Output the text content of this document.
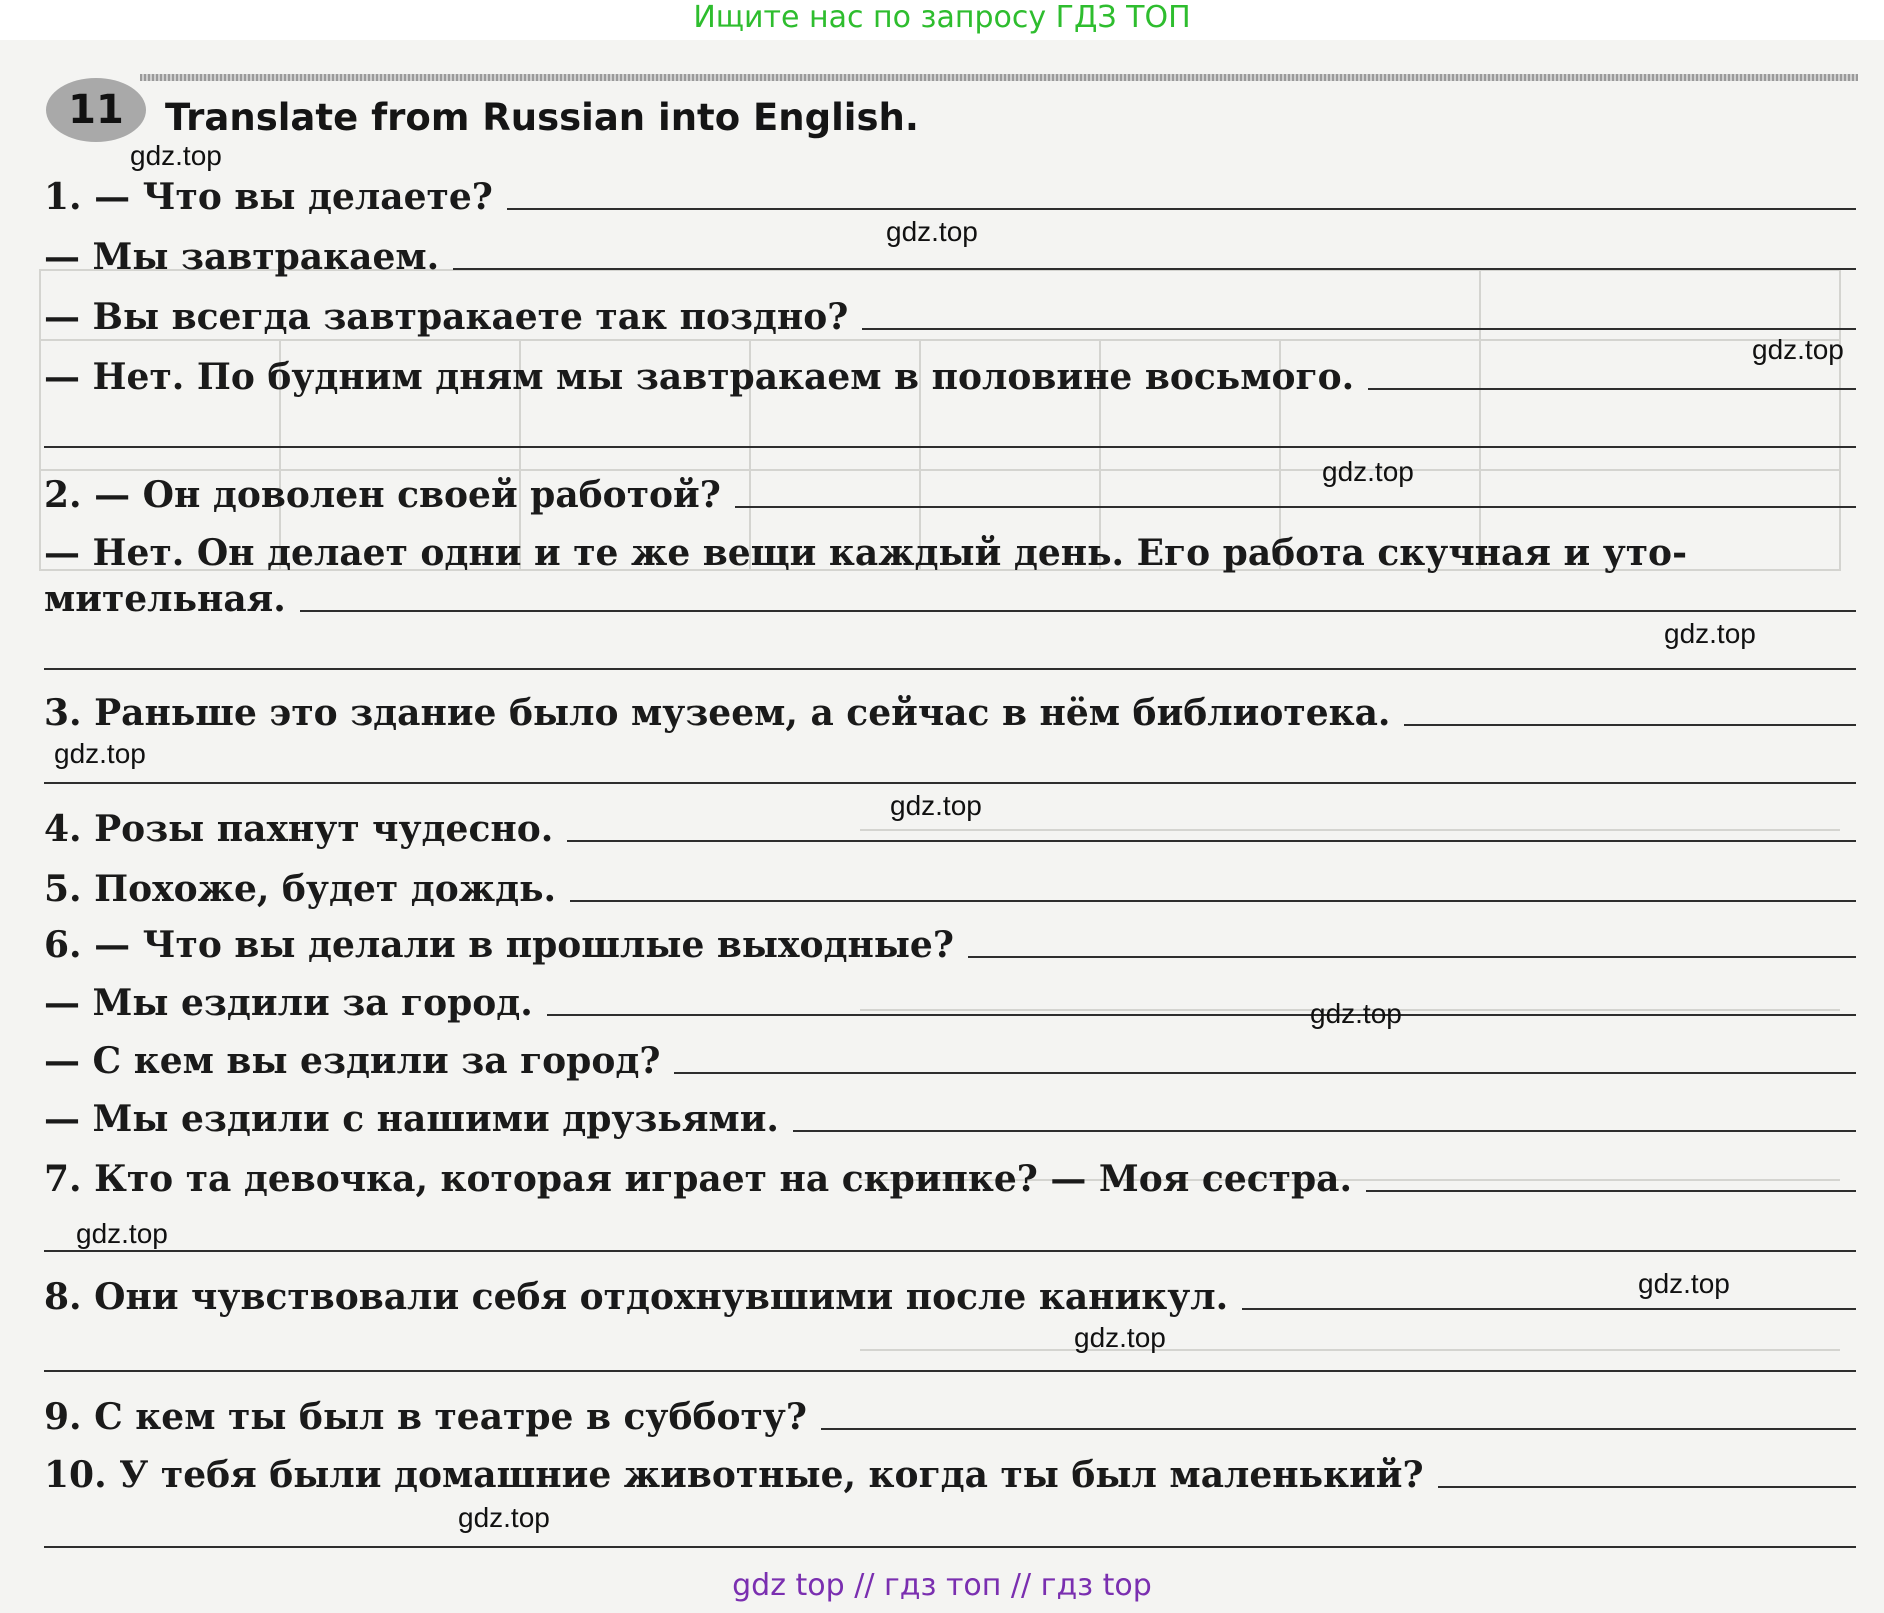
Ищите нас по запросу ГДЗ ТОП
11	Translate from Russian into English.
1. — Что вы делаете?
— Мы завтракаем.
— Вы всегда завтракаете так поздно?
— Нет. По будним дням мы завтракаем в половине восьмого.
2. — Он доволен своей работой?
— Нет. Он делает одни и те же вещи каждый день. Его работа скучная и уто-
мительная.
3. Раньше это здание было музеем, а сейчас в нём библиотека.
4. Розы пахнут чудесно.
5. Похоже, будет дождь.
6. — Что вы делали в прошлые выходные?
— Мы ездили за город.
— С кем вы ездили за город?
— Мы ездили с нашими друзьями.
7. Кто та девочка, которая играет на скрипке? — Моя сестра.
8. Они чувствовали себя отдохнувшими после каникул.
9. С кем ты был в театре в субботу?
10. У тебя были домашние животные, когда ты был маленький?
gdz.top
gdz.top
gdz.top
gdz.top
gdz.top
gdz.top
gdz.top
gdz.top
gdz.top
gdz.top
gdz.top
gdz.top
gdz top // гдз топ // гдз top
